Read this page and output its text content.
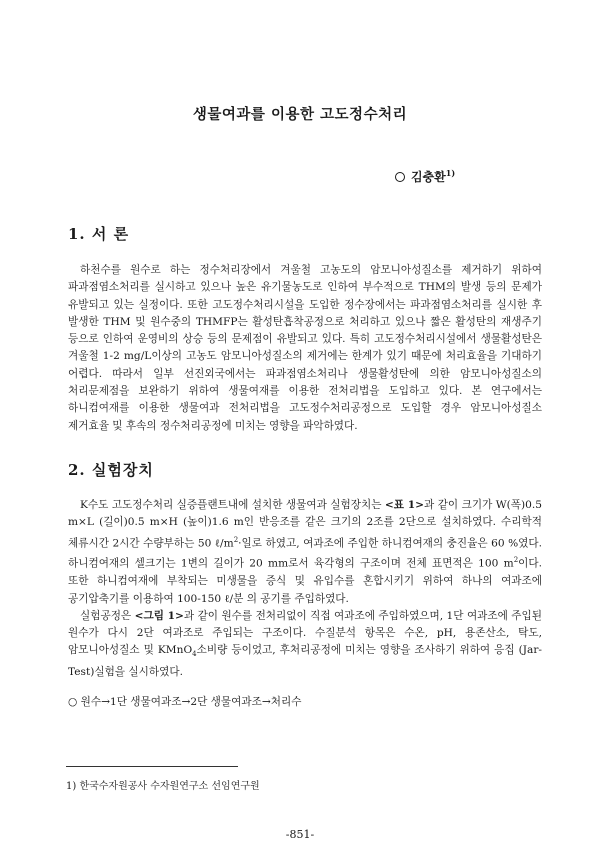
생물여과를 이용한 고도정수처리
김충환$^{1)}$
1. 서 론

하천수를 원수로 하는 정수처리장에서 겨울철 고농도의 암모니아성질소를 제거하기 위하여 파과점염소처리를 실시하고 있으나 높은 유기물농도로 인하여 부수적으로 THM의 발생 등의 문제가 유발되고 있는 실정이다. 또한 고도정수처리시설을 도입한 정수장에서는 파과점염소처리를 실시한 후 발생한 THM 및 원수중의 THMFP는 활성탄흡착공정으로 처리하고 있으나 짧은 활성탄의 재생주기 등으로 인하여 운영비의 상승 등의 문제점이 유발되고 있다. 특히 고도정수처리시설에서 생물활성탄은 겨울철 1-2 mg/L이상의 고농도 암모니아성질소의 제거에는 한계가 있기 때문에 처리효율을 기대하기 어렵다. 따라서 일부 선진외국에서는 파과점염소처리나 생물활성탄에 의한 암모니아성질소의 처리문제점을 보완하기 위하여 생물여재를 이용한 전처리법을 도입하고 있다. 본 연구에서는 하니컴여재를 이용한 생물여과 전처리법을 고도정수처리공정으로 도입할 경우 암모니아성질소 제거효율 및 후속의 정수처리공정에 미치는 영향을 파악하였다.

2. 실험장치

K수도 고도정수처리 실증플랜트내에 설치한 생물여과 실험장치는 <표 1>과 같이 크기가 W(폭)0.5 m×L (길이)0.5 m×H (높이)1.6 m인 반응조를 같은 크기의 2조를 2단으로 설치하였다. 수리학적 체류시간 2시간 수량부하는 50 $\ell/m^2\cdot$일로 하였고, 여과조에 주입한 하니컴여재의 충진율은 60 %였다. 하니컴여재의 셀크기는 1변의 길이가 20 mm로서 육각형의 구조이며 전체 표면적은 100 $m^2$이다. 또한 하니컴여재에 부착되는 미생물을 증식 및 유입수를 혼합시키기 위하여 하나의 여과조에 공기압축기를 이용하여 100-150 ℓ/분 의 공기를 주입하였다.

실험공정은 <그림 1>과 같이 원수를 전처리없이 직접 여과조에 주입하였으며, 1단 여과조에 주입된 원수가 다시 2단 여과조로 주입되는 구조이다. 수질분석 항목은 수온, pH, 용존산소, 탁도, 암모니아성질소 및 KMnO$_4$소비량 등이었고, 후처리공정에 미치는 영향을 조사하기 위하여 응집 (Jar-Test)실험을 실시하였다.

○ 원수→1단 생물여과조→2단 생물여과조→처리수
1) 한국수자원공사 수자원연구소 선임연구원
-851-
